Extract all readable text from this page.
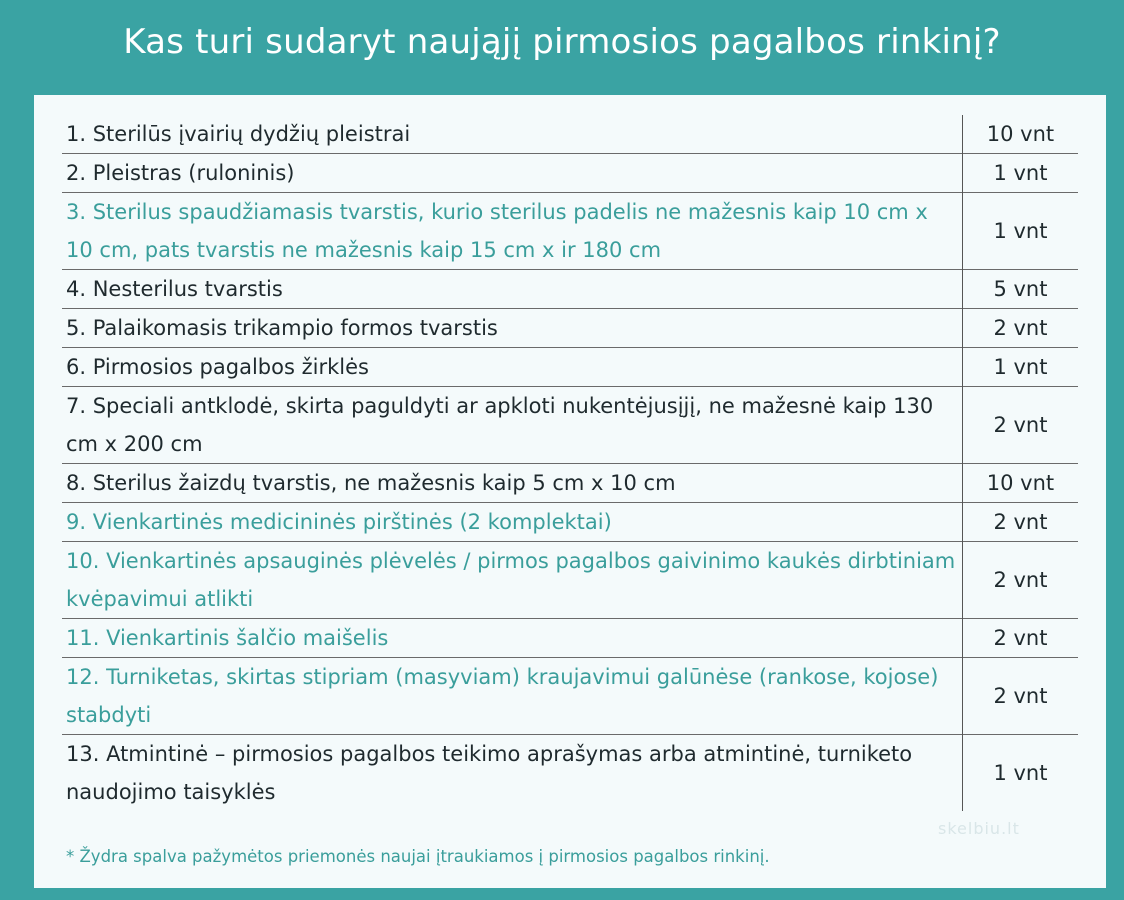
Kas turi sudaryt naująjį pirmosios pagalbos rinkinį?
1. Sterilūs įvairių dydžių pleistrai	10 vnt
2. Pleistras (ruloninis)	1 vnt
3. Sterilus spaudžiamasis tvarstis, kurio sterilus padelis ne mažesnis kaip 10 cm x 10 cm, pats tvarstis ne mažesnis kaip 15 cm x ir 180 cm	1 vnt
4. Nesterilus tvarstis	5 vnt
5. Palaikomasis trikampio formos tvarstis	2 vnt
6. Pirmosios pagalbos žirklės	1 vnt
7. Speciali antklodė, skirta paguldyti ar apkloti nukentėjusįjį, ne mažesnė kaip 130 cm x 200 cm	2 vnt
8. Sterilus žaizdų tvarstis, ne mažesnis kaip 5 cm x 10 cm	10 vnt
9. Vienkartinės medicininės pirštinės (2 komplektai)	2 vnt
10. Vienkartinės apsauginės plėvelės / pirmos pagalbos gaivinimo kaukės dirbtiniam kvėpavimui atlikti	2 vnt
11. Vienkartinis šalčio maišelis	2 vnt
12. Turniketas, skirtas stipriam (masyviam) kraujavimui galūnėse (rankose, kojose) stabdyti	2 vnt
13. Atmintinė – pirmosios pagalbos teikimo aprašymas arba atmintinė, turniketo naudojimo taisyklės	1 vnt
skelbiu.lt
* Žydra spalva pažymėtos priemonės naujai įtraukiamos į pirmosios pagalbos rinkinį.
